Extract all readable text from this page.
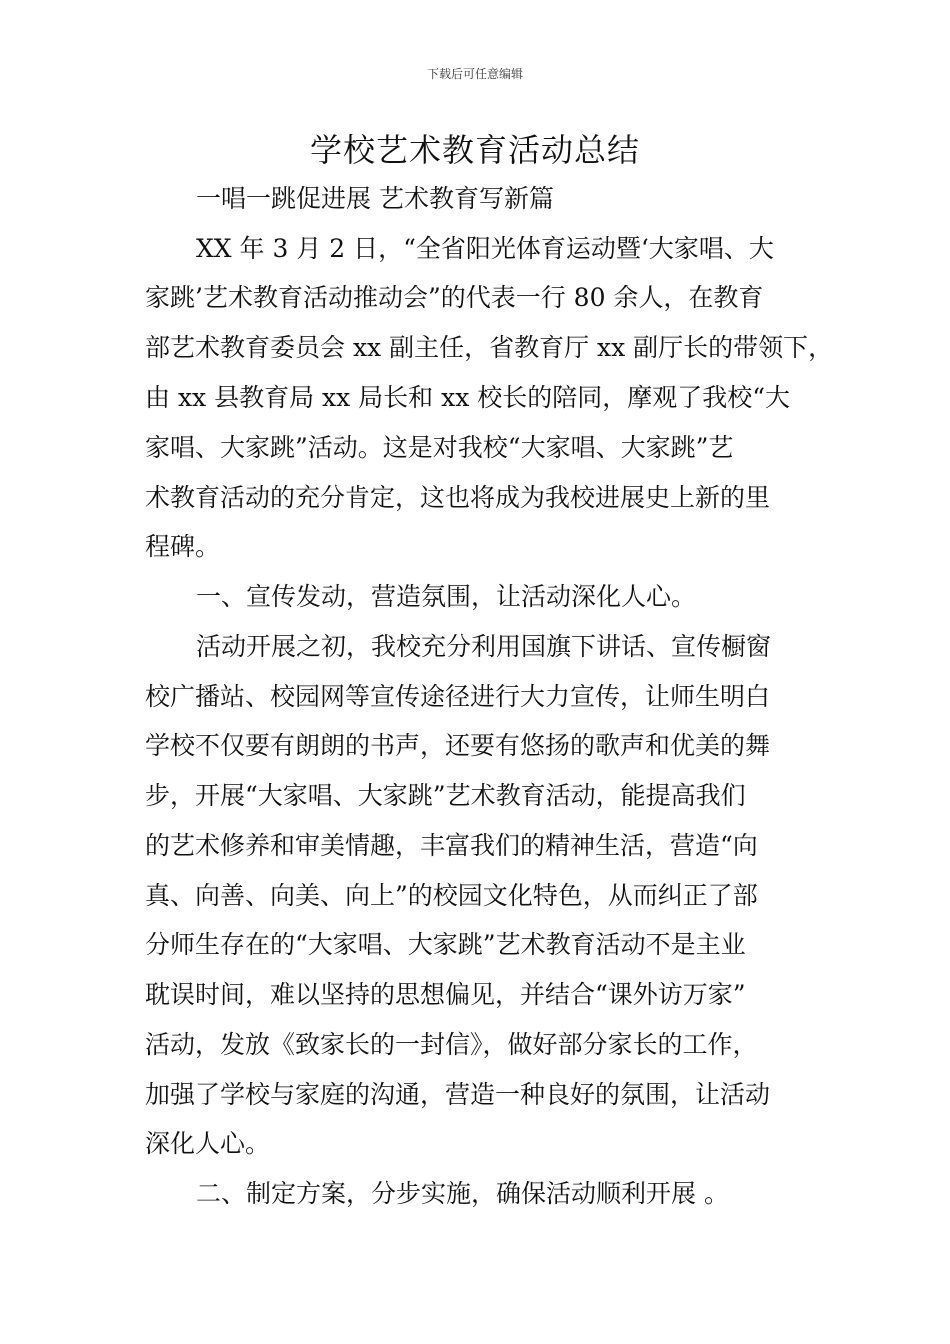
下载后可任意编辑
学校艺术教育活动总结

一唱一跳促进展 艺术教育写新篇

XX 年 3 月 2 日，“全省阳光体育运动暨‘大家唱、大

家跳’艺术教育活动推动会”的代表一行 80 余人，在教育

部艺术教育委员会 xx 副主任，省教育厅 xx 副厅长的带领下，

由 xx 县教育局 xx 局长和 xx 校长的陪同，摩观了我校“大

家唱、大家跳”活动。这是对我校“大家唱、大家跳”艺

术教育活动的充分肯定，这也将成为我校进展史上新的里

程碑。

一、宣传发动，营造氛围，让活动深化人心。

活动开展之初，我校充分利用国旗下讲话、宣传橱窗

校广播站、校园网等宣传途径进行大力宣传，让师生明白

学校不仅要有朗朗的书声，还要有悠扬的歌声和优美的舞

步，开展“大家唱、大家跳”艺术教育活动，能提高我们

的艺术修养和审美情趣，丰富我们的精神生活，营造“向

真、向善、向美、向上”的校园文化特色，从而纠正了部

分师生存在的“大家唱、大家跳”艺术教育活动不是主业

耽误时间，难以坚持的思想偏见，并结合“课外访万家”

活动，发放《致家长的一封信》，做好部分家长的工作，

加强了学校与家庭的沟通，营造一种良好的氛围，让活动

深化人心。

二、制定方案，分步实施，确保活动顺利开展 。
